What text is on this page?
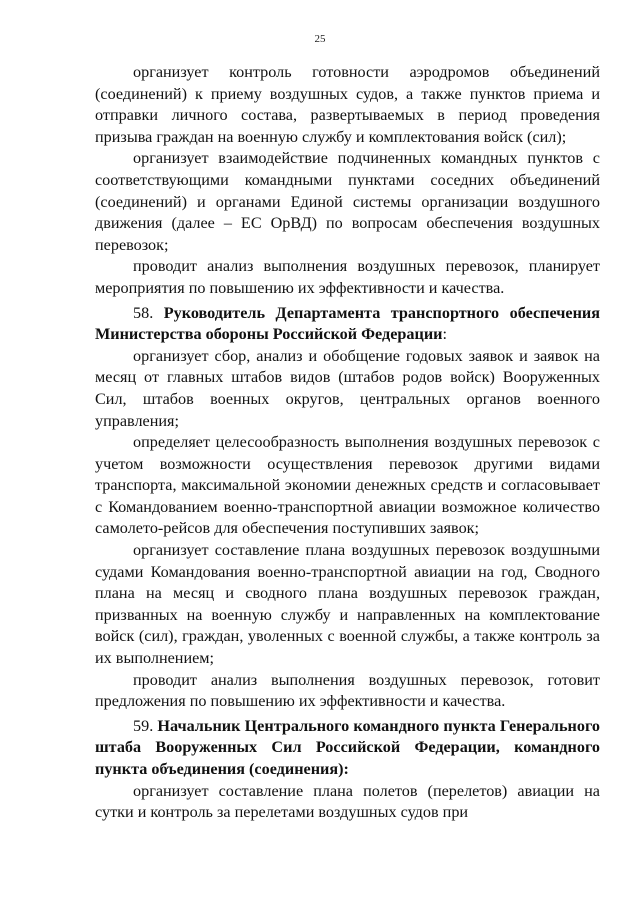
25

организует контроль готовности аэродромов объединений (соединений) к приему воздушных судов, а также пунктов приема и отправки личного состава, развертываемых в период проведения призыва граждан на военную службу и комплектования войск (сил);

организует взаимодействие подчиненных командных пунктов с соответствующими командными пунктами соседних объединений (соединений) и органами Единой системы организации воздушного движения (далее – ЕС ОрВД) по вопросам обеспечения воздушных перевозок;

проводит анализ выполнения воздушных перевозок, планирует мероприятия по повышению их эффективности и качества.

58. Руководитель Департамента транспортного обеспечения Министерства обороны Российской Федерации:

организует сбор, анализ и обобщение годовых заявок и заявок на месяц от главных штабов видов (штабов родов войск) Вооруженных Сил, штабов военных округов, центральных органов военного управления;

определяет целесообразность выполнения воздушных перевозок с учетом возможности осуществления перевозок другими видами транспорта, максимальной экономии денежных средств и согласовывает с Командованием военно-транспортной авиации возможное количество самолето-рейсов для обеспечения поступивших заявок;

организует составление плана воздушных перевозок воздушными судами Командования военно-транспортной авиации на год, Сводного плана на месяц и сводного плана воздушных перевозок граждан, призванных на военную службу и направленных на комплектование войск (сил), граждан, уволенных с военной службы, а также контроль за их выполнением;

проводит анализ выполнения воздушных перевозок, готовит предложения по повышению их эффективности и качества.

59. Начальник Центрального командного пункта Генерального штаба Вооруженных Сил Российской Федерации, командного пункта объединения (соединения):

организует составление плана полетов (перелетов) авиации на сутки и контроль за перелетами воздушных судов при
